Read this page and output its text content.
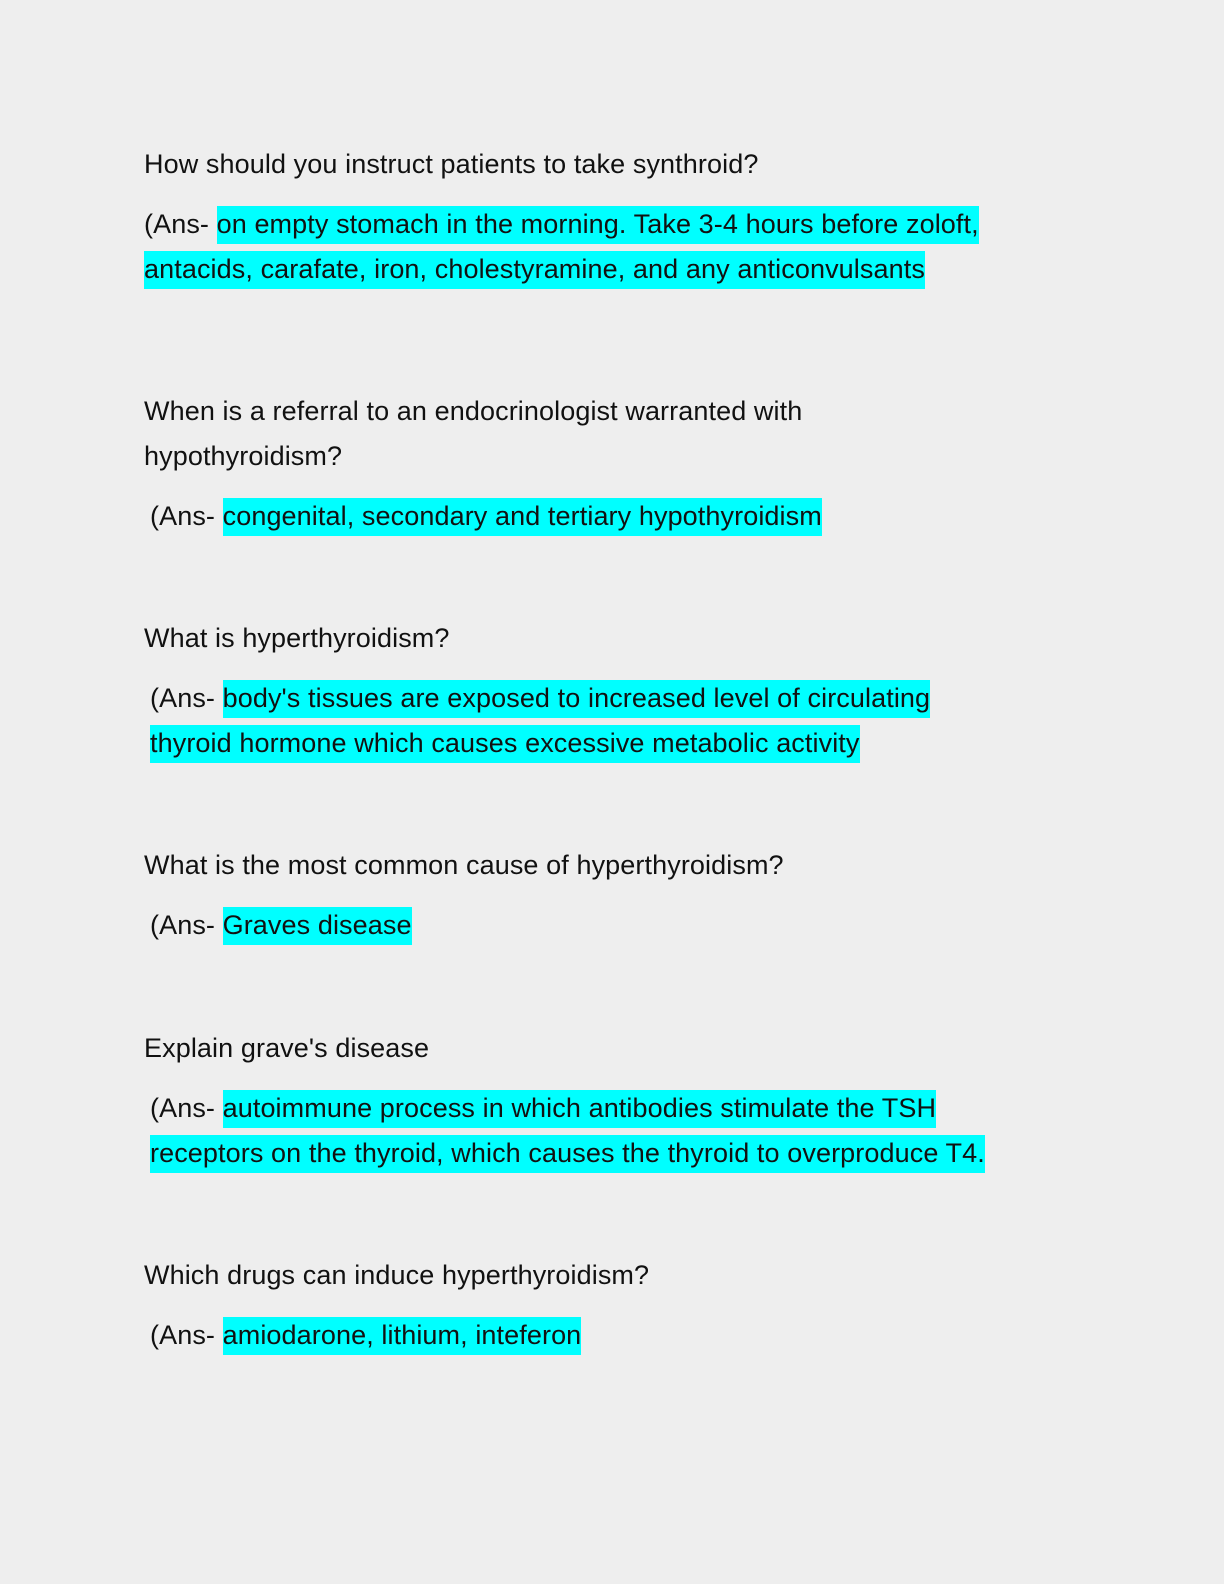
How should you instruct patients to take synthroid?

(Ans- on empty stomach in the morning. Take 3-4 hours before zoloft, antacids, carafate, iron, cholestyramine, and any anticonvulsants

When is a referral to an endocrinologist warranted with hypothyroidism?

(Ans- congenital, secondary and tertiary hypothyroidism

What is hyperthyroidism?

(Ans- body's tissues are exposed to increased level of circulating thyroid hormone which causes excessive metabolic activity

What is the most common cause of hyperthyroidism?

(Ans- Graves disease

Explain grave's disease

(Ans- autoimmune process in which antibodies stimulate the TSH receptors on the thyroid, which causes the thyroid to overproduce T4.

Which drugs can induce hyperthyroidism?

(Ans- amiodarone, lithium, inteferon
